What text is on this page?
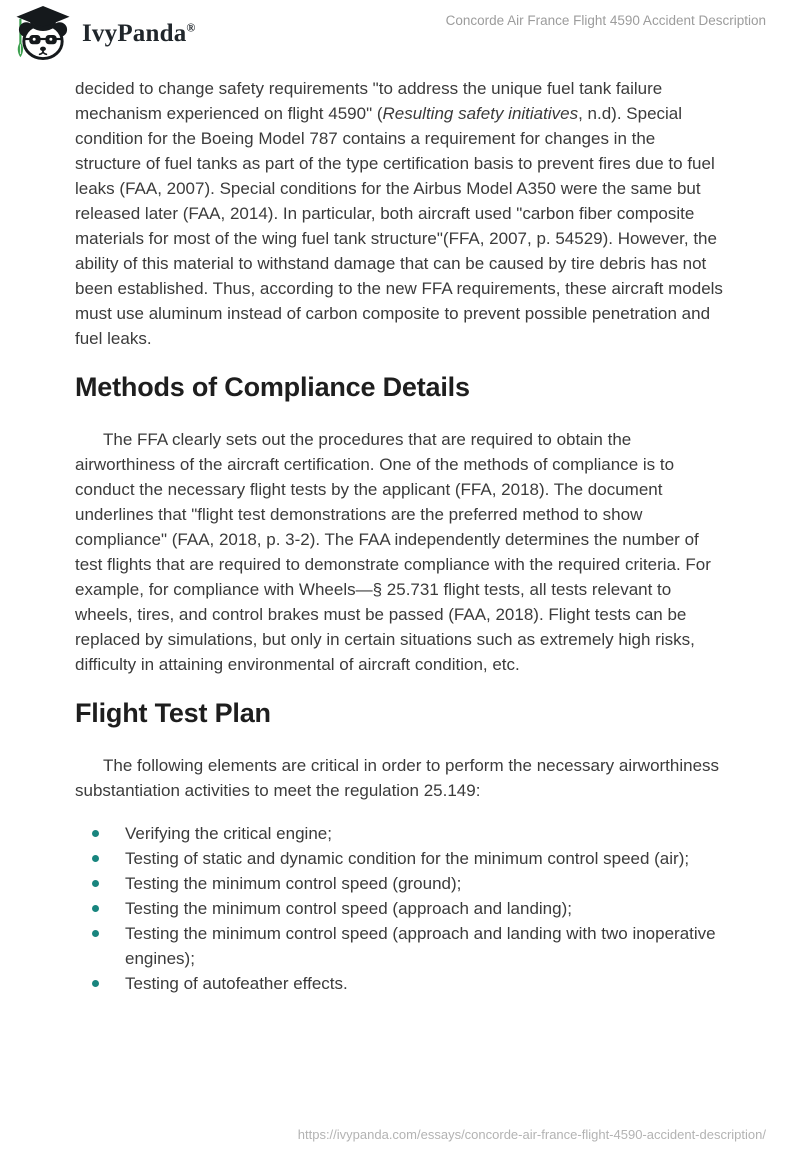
IvyPanda®	Concorde Air France Flight 4590 Accident Description

decided to change safety requirements "to address the unique fuel tank failure mechanism experienced on flight 4590" (Resulting safety initiatives, n.d). Special condition for the Boeing Model 787 contains a requirement for changes in the structure of fuel tanks as part of the type certification basis to prevent fires due to fuel leaks (FAA, 2007). Special conditions for the Airbus Model A350 were the same but released later (FAA, 2014). In particular, both aircraft used "carbon fiber composite materials for most of the wing fuel tank structure"(FFA, 2007, p. 54529). However, the ability of this material to withstand damage that can be caused by tire debris has not been established. Thus, according to the new FFA requirements, these aircraft models must use aluminum instead of carbon composite to prevent possible penetration and fuel leaks.

Methods of Compliance Details

The FFA clearly sets out the procedures that are required to obtain the airworthiness of the aircraft certification. One of the methods of compliance is to conduct the necessary flight tests by the applicant (FFA, 2018). The document underlines that "flight test demonstrations are the preferred method to show compliance" (FAA, 2018, p. 3-2). The FAA independently determines the number of test flights that are required to demonstrate compliance with the required criteria. For example, for compliance with Wheels—§ 25.731 flight tests, all tests relevant to wheels, tires, and control brakes must be passed (FAA, 2018). Flight tests can be replaced by simulations, but only in certain situations such as extremely high risks, difficulty in attaining environmental of aircraft condition, etc.

Flight Test Plan

The following elements are critical in order to perform the necessary airworthiness substantiation activities to meet the regulation 25.149:

Verifying the critical engine;
Testing of static and dynamic condition for the minimum control speed (air);
Testing the minimum control speed (ground);
Testing the minimum control speed (approach and landing);
Testing the minimum control speed (approach and landing with two inoperative engines);
Testing of autofeather effects.
https://ivypanda.com/essays/concorde-air-france-flight-4590-accident-description/
